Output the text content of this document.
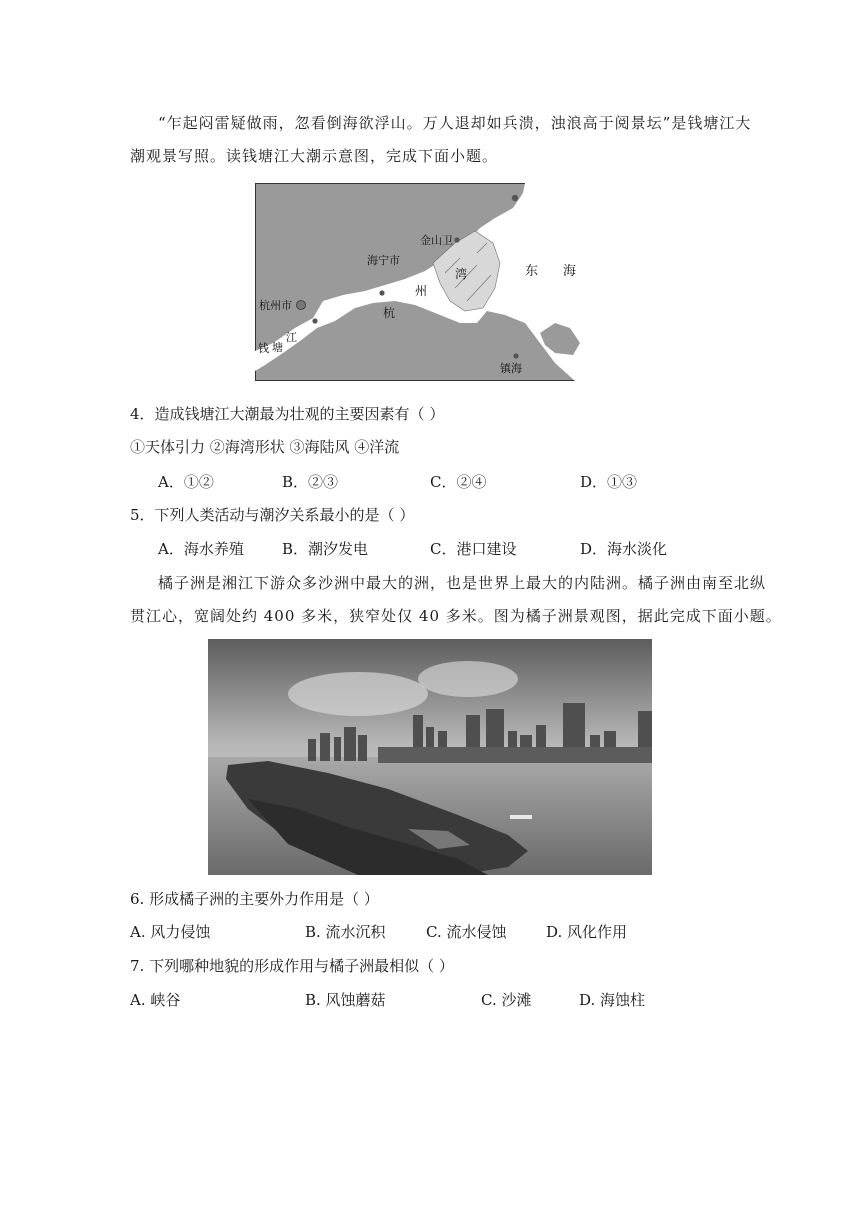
“乍起闷雷疑做雨，忽看倒海欲浮山。万人退却如兵溃，浊浪高于阅景坛”是钱塘江大
潮观景写照。读钱塘江大潮示意图，完成下面小题。
金山卫
海宁市
杭州市
湾
州
杭
东 海
江
塘
钱
镇海
4．造成钱塘江大潮最为壮观的主要因素有（ ）
①天体引力 ②海湾形状 ③海陆风 ④洋流
A．①②	B．②③	C．②④	D．①③
5．下列人类活动与潮汐关系最小的是（ ）
A．海水养殖	B．潮汐发电	C．港口建设	D．海水淡化
橘子洲是湘江下游众多沙洲中最大的洲，也是世界上最大的内陆洲。橘子洲由南至北纵
贯江心，宽阔处约 400 多米，狭窄处仅 40 多米。图为橘子洲景观图，据此完成下面小题。
6. 形成橘子洲的主要外力作用是（ ）
A. 风力侵蚀	B. 流水沉积	C. 流水侵蚀	D. 风化作用
7. 下列哪种地貌的形成作用与橘子洲最相似（ ）
A. 峡谷	B. 风蚀蘑菇	C. 沙滩	D. 海蚀柱
